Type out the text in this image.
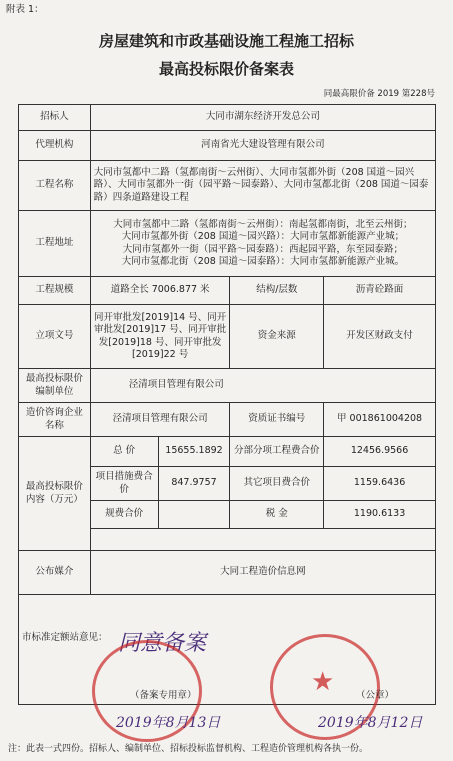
附表 1：
房屋建筑和市政基础设施工程施工招标
最高投标限价备案表
同最高限价备 2019 第228号
招标人	大同市湖东经济开发总公司			
代理机构	河南省光大建设管理有限公司			
工程名称	大同市氢都中二路（氢都南街～云州街）、大同市氢都外街（208 国道～园兴路）、大同市氢都外一街（园平路～园泰路）、大同市氢都北街（208 国道～园泰路）四条道路建设工程			
工程地址	大同市氢都中二路（氢都南街～云州街）：南起氢都南街，北至云州街；
大同市氢都外街（208 国道～园兴路）：大同市氢都新能源产业城；
大同市氢都外一街（园平路～园泰路）：西起园平路，东至园泰路；
大同市氢都北街（208 国道～园泰路）：大同市氢都新能源产业城。			

工程规模	道路全长 7006.877 米		结构/层数	沥青砼路面
立项文号	同开审批发[2019]14 号、同开审批发[2019]17 号、同开审批发[2019]18 号、同开审批发[2019]22 号		资金来源	开发区财政支付
最高投标限价编制单位	泾清项目管理有限公司			
造价咨询企业名称	泾清项目管理有限公司		资质证书编号	甲 001861004208
最高投标限价内容（万元）	总 价	15655.1892	分部分项工程费合价	12456.9566
	项目措施费合价	847.9757	其它项目费合价	1159.6436
	规费合价		税 金	1190.6133

公布媒介	大同工程造价信息网			

市标准定额站意见： 同意备案
★
（备案专用章）	（公章）
2019年8月13日	2019年8月12日
注：此表一式四份。招标人、编制单位、招标投标监督机构、工程造价管理机构各执一份。
